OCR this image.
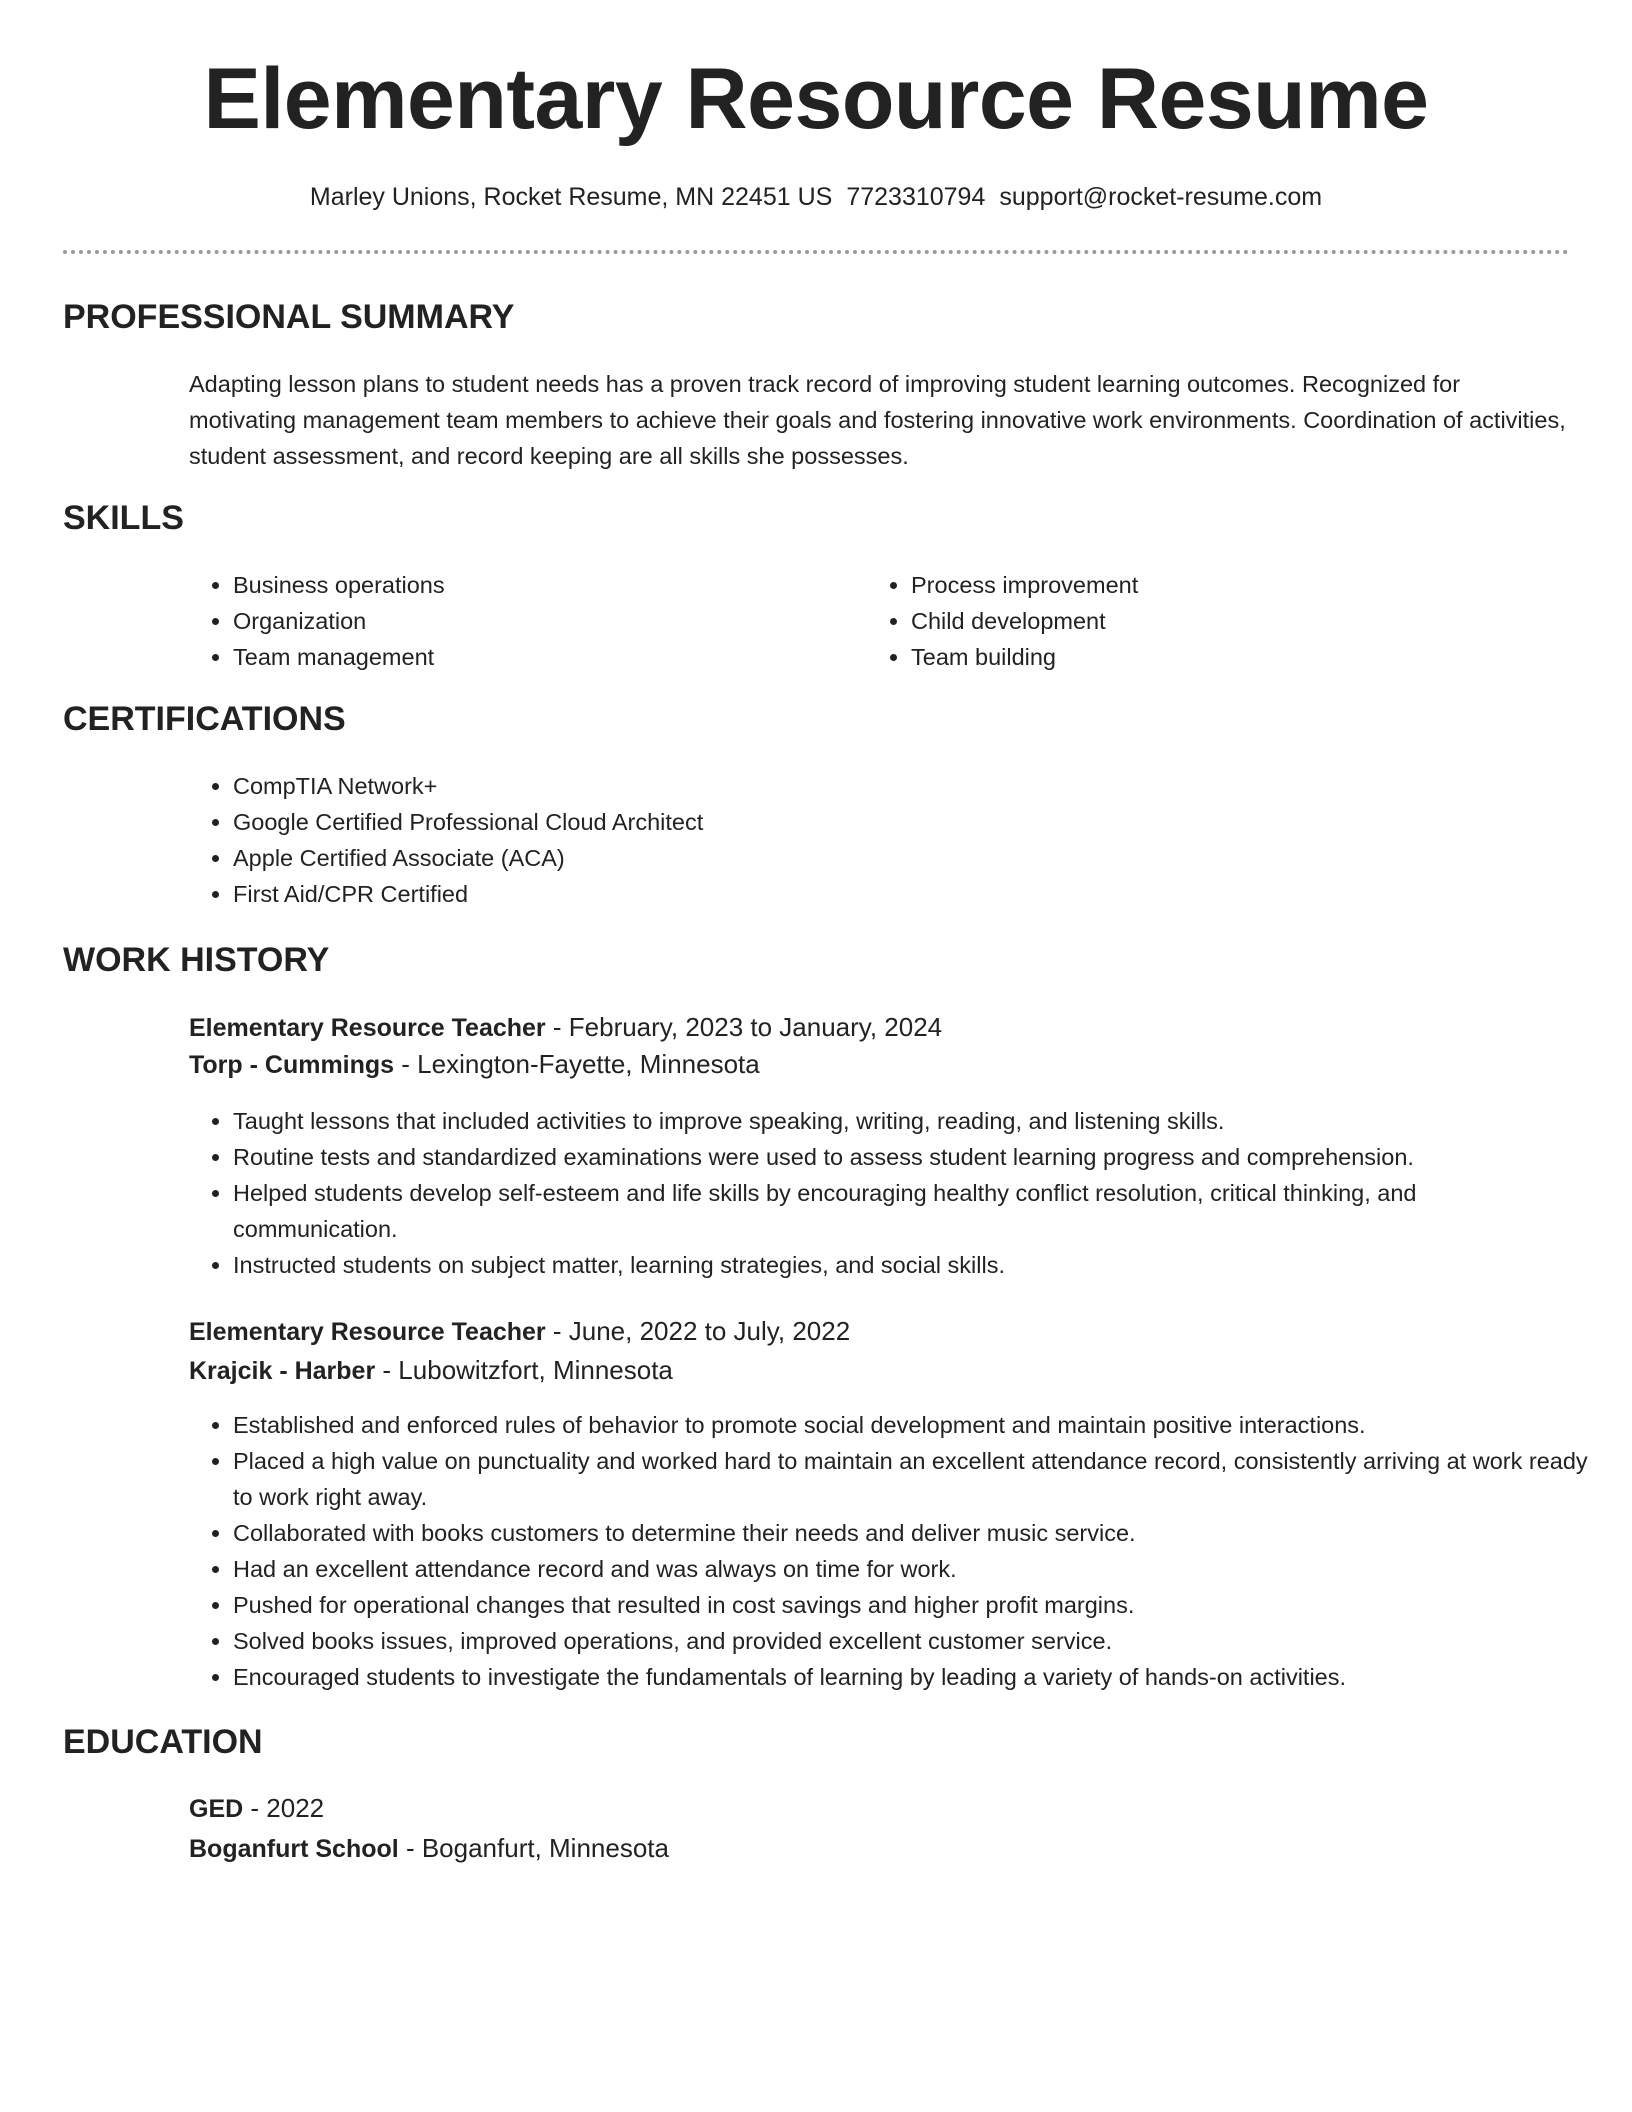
Elementary Resource Resume
Marley Unions, Rocket Resume, MN 22451 US 7723310794 support@rocket-resume.com
PROFESSIONAL SUMMARY

Adapting lesson plans to student needs has a proven track record of improving student learning outcomes. Recognized for motivating management team members to achieve their goals and fostering innovative work environments. Coordination of activities, student assessment, and record keeping are all skills she possesses.

SKILLS
• Business operations
• Organization
• Team management
• Process improvement
• Child development
• Team building
CERTIFICATIONS
• CompTIA Network+
• Google Certified Professional Cloud Architect
• Apple Certified Associate (ACA)
• First Aid/CPR Certified
WORK HISTORY
Elementary Resource Teacher - February, 2023 to January, 2024
Torp - Cummings - Lexington-Fayette, Minnesota
• Taught lessons that included activities to improve speaking, writing, reading, and listening skills.
• Routine tests and standardized examinations were used to assess student learning progress and comprehension.
• Helped students develop self-esteem and life skills by encouraging healthy conflict resolution, critical thinking, and communication.
• Instructed students on subject matter, learning strategies, and social skills.
Elementary Resource Teacher - June, 2022 to July, 2022
Krajcik - Harber - Lubowitzfort, Minnesota
• Established and enforced rules of behavior to promote social development and maintain positive interactions.
• Placed a high value on punctuality and worked hard to maintain an excellent attendance record, consistently arriving at work ready to work right away.
• Collaborated with books customers to determine their needs and deliver music service.
• Had an excellent attendance record and was always on time for work.
• Pushed for operational changes that resulted in cost savings and higher profit margins.
• Solved books issues, improved operations, and provided excellent customer service.
• Encouraged students to investigate the fundamentals of learning by leading a variety of hands-on activities.
EDUCATION
GED - 2022
Boganfurt School - Boganfurt, Minnesota
